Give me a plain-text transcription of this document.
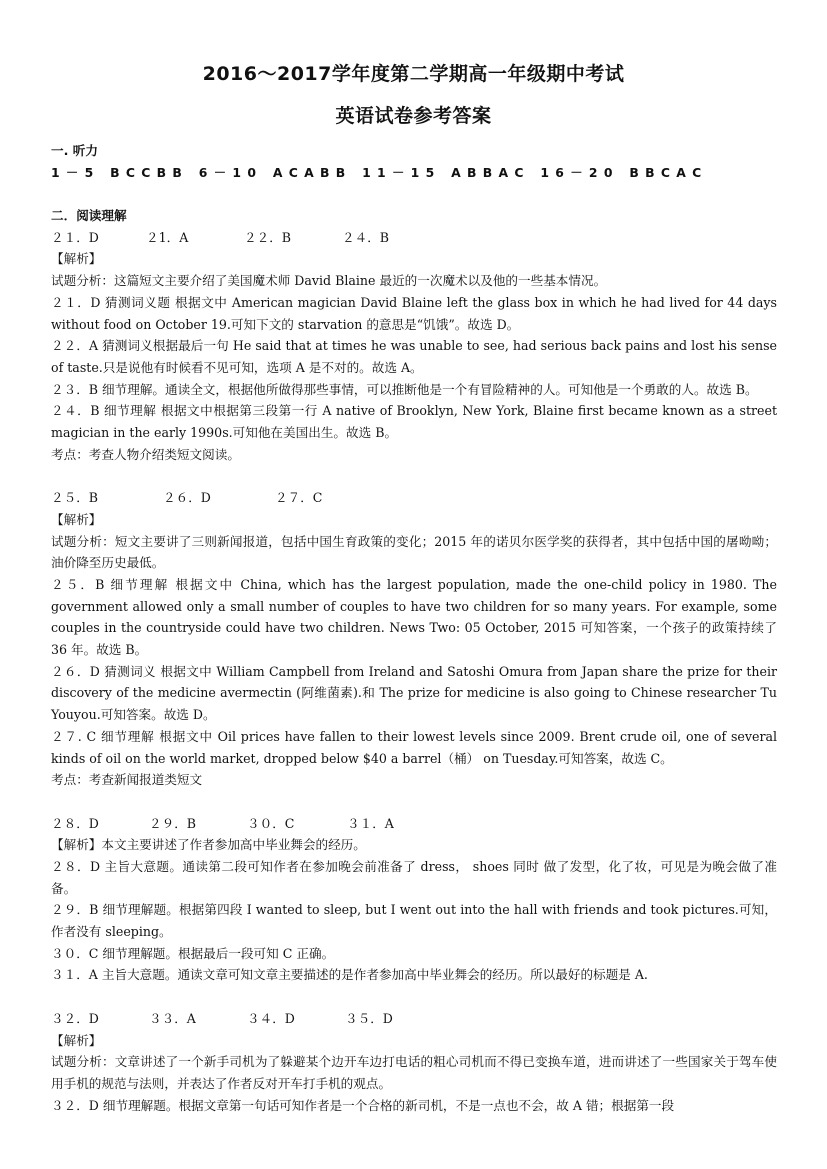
2016～2017学年度第二学期高一年级期中考试
英语试卷参考答案

一. 听力

1－5 BCCBB 6－10 ACABB 11－15 ABBAC 16－20 BBCAC

二．阅读理解

２１．D	２1．A	２２．B	２４．B

【解析】

试题分析：这篇短文主要介绍了美国魔术师 David Blaine 最近的一次魔术以及他的一些基本情况。

２１．D 猜测词义题 根据文中 American magician David Blaine left the glass box in which he had lived for 44 days without food on October 19.可知下文的 starvation 的意思是“饥饿”。故选 D。

２２．A 猜测词义根据最后一句 He said that at times he was unable to see, had serious back pains and lost his sense of taste.只是说他有时候看不见可知，选项 A 是不对的。故选 A。

２３．B 细节理解。通读全文，根据他所做得那些事情，可以推断他是一个有冒险精神的人。可知他是一个勇敢的人。故选 B。

２４．B 细节理解 根据文中根据第三段第一行 A native of Brooklyn, New York, Blaine first became known as a street magician in the early 1990s.可知他在美国出生。故选 B。

考点：考查人物介绍类短文阅读。

２５．B	２６．D	２７．C

【解析】

试题分析：短文主要讲了三则新闻报道，包括中国生育政策的变化；2015 年的诺贝尔医学奖的获得者，其中包括中国的屠呦呦；油价降至历史最低。

２５．B 细节理解 根据文中 China, which has the largest population, made the one-child policy in 1980. The government allowed only a small number of couples to have two children for so many years. For example, some couples in the countryside could have two children. News Two: 05 October, 2015 可知答案，一个孩子的政策持续了 36 年。故选 B。

２６．D 猜测词义 根据文中 William Campbell from Ireland and Satoshi Omura from Japan share the prize for their discovery of the medicine avermectin (阿维菌素).和 The prize for medicine is also going to Chinese researcher Tu Youyou.可知答案。故选 D。

２７. C 细节理解 根据文中 Oil prices have fallen to their lowest levels since 2009. Brent crude oil, one of several kinds of oil on the world market, dropped below $40 a barrel（桶） on Tuesday.可知答案，故选 C。

考点：考查新闻报道类短文

２８．D	２９．B	３０．C	３１．A

【解析】本文主要讲述了作者参加高中毕业舞会的经历。

２８．D 主旨大意题。通读第二段可知作者在参加晚会前准备了 dress， shoes 同时 做了发型，化了妆，可见是为晚会做了准备。

２９．B 细节理解题。根据第四段 I wanted to sleep, but I went out into the hall with friends and took pictures.可知，作者没有 sleeping。

３０．C 细节理解题。根据最后一段可知 C 正确。

３１．A 主旨大意题。通读文章可知文章主要描述的是作者参加高中毕业舞会的经历。所以最好的标题是 A.

３２．D	３３．A	３４．D	３５．D

【解析】

试题分析：文章讲述了一个新手司机为了躲避某个边开车边打电话的粗心司机而不得已变换车道，进而讲述了一些国家关于驾车使用手机的规范与法则，并表达了作者反对开车打手机的观点。

３２．D 细节理解题。根据文章第一句话可知作者是一个合格的新司机，不是一点也不会，故 A 错；根据第一段
